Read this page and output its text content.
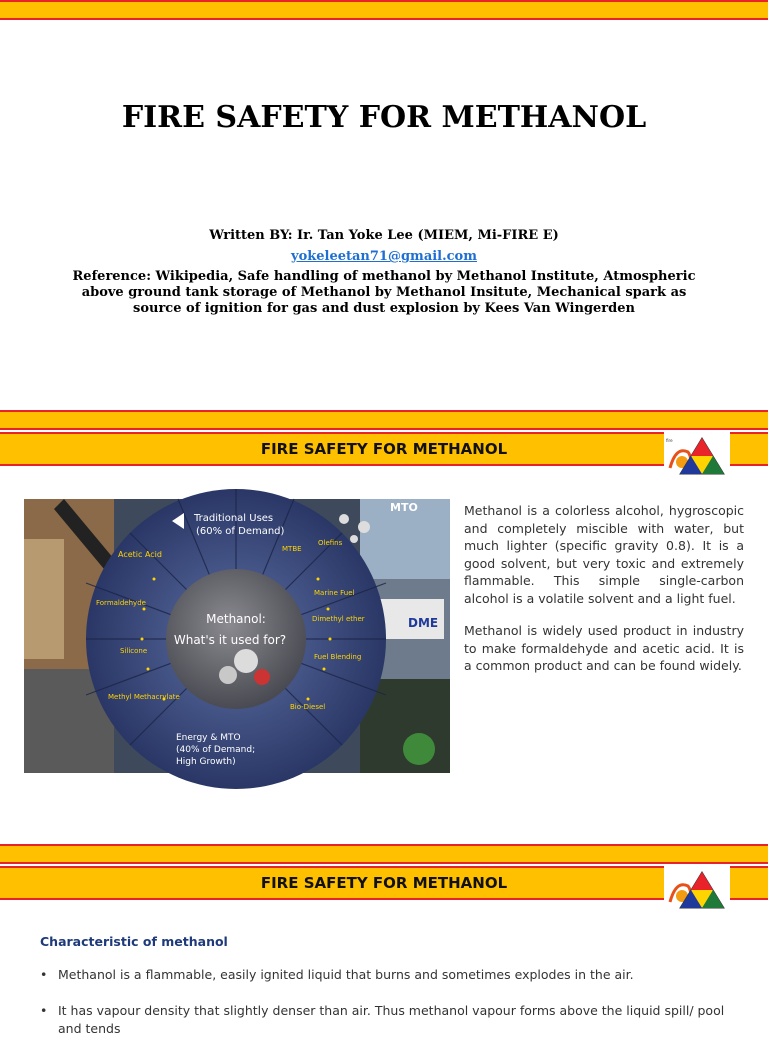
FIRE SAFETY FOR METHANOL
Written BY: Ir. Tan Yoke Lee (MIEM, Mi-FIRE E)
yokeleetan71@gmail.com
Reference: Wikipedia, Safe handling of methanol by Methanol Institute, Atmospheric above ground tank storage of Methanol by Methanol Insitute, Mechanical spark as source of ignition for gas and dust explosion by Kees Van Wingerden
FIRE SAFETY FOR METHANOL	fire
Traditional Uses
(60% of Demand)
MTO
Methanol:
What's it used for?
Energy & MTO
(40% of Demand;
High Growth)
DME
Acetic Acid
Formaldehyde
Silicone
Methyl Methacrylate
MTBE
Olefins
Marine Fuel
Dimethyl ether
Fuel Blending
Bio-Diesel

Methanol is a colorless alcohol, hygroscopic and completely miscible with water, but much lighter (specific gravity 0.8). It is a good solvent, but very toxic and extremely flammable. This simple single-carbon alcohol is a volatile solvent and a light fuel.

Methanol is widely used product in industry to make formaldehyde and acetic acid. It is a common product and can be found widely.

FIRE SAFETY FOR METHANOL
Characteristic of methanol
• Methanol is a flammable, easily ignited liquid that burns and sometimes explodes in the air.
• It has vapour density that slightly denser than air. Thus methanol vapour forms above the liquid spill/ pool and tends
